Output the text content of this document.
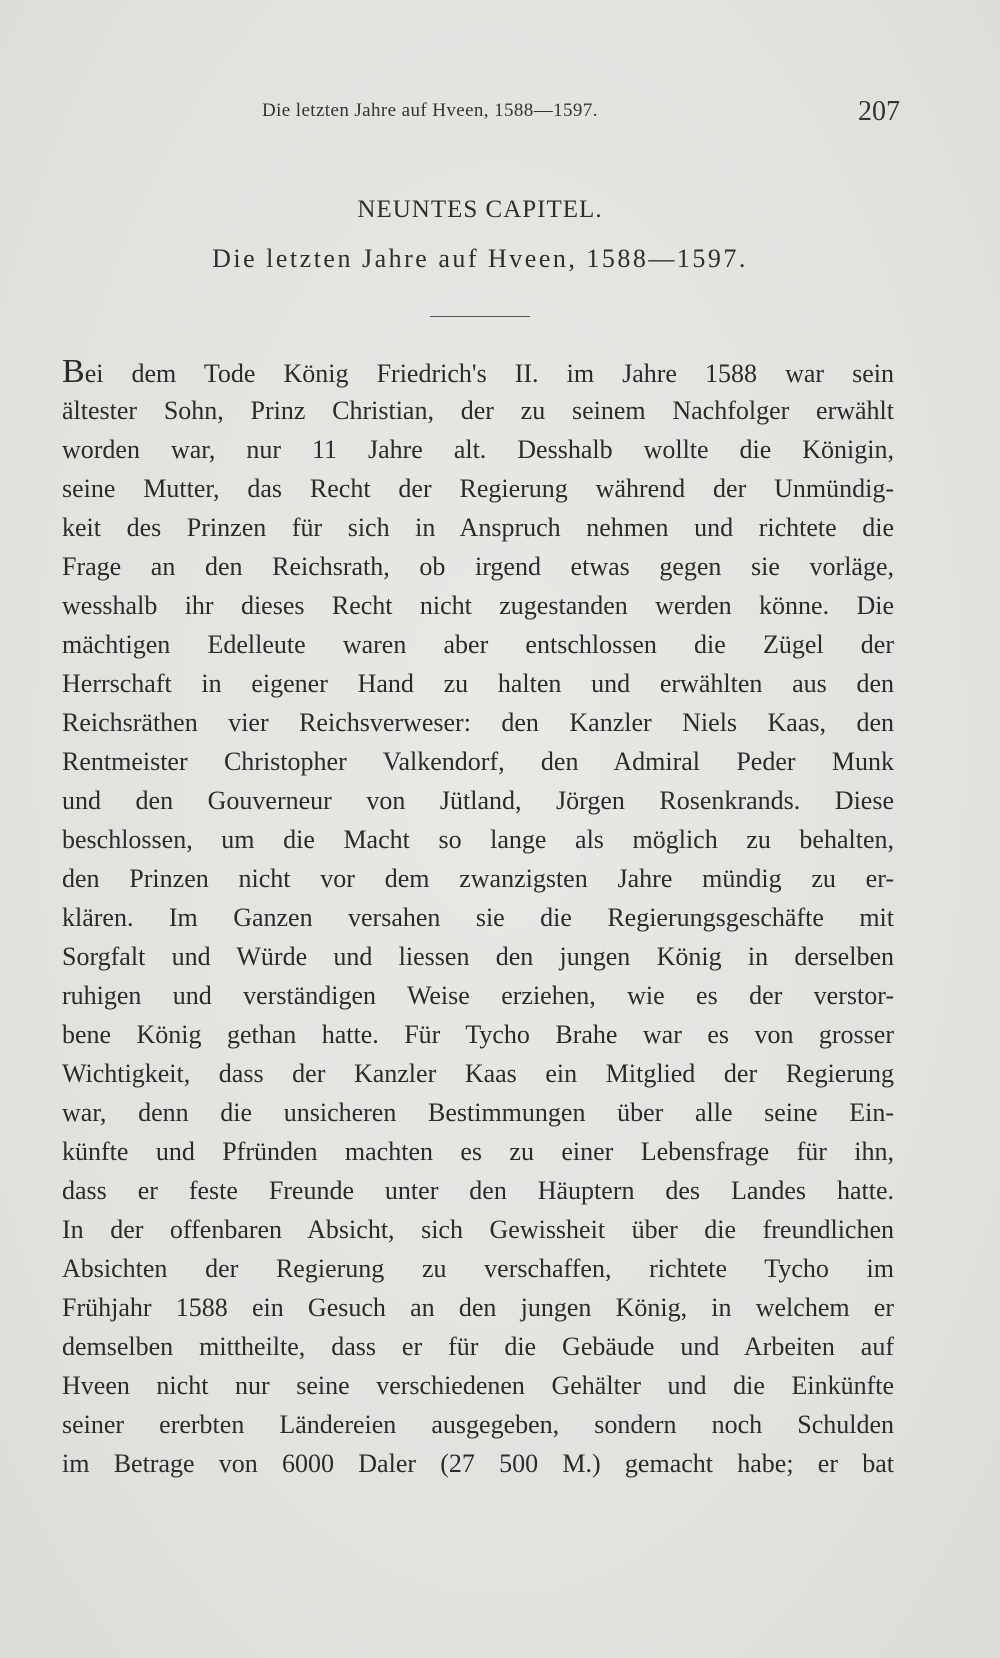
Die letzten Jahre auf Hveen, 1588—1597.	207
NEUNTES CAPITEL.
Die letzten Jahre auf Hveen, 1588—1597.
Bei dem Tode König Friedrich's II. im Jahre 1588 war sein
ältester Sohn, Prinz Christian, der zu seinem Nachfolger erwählt
worden war, nur 11 Jahre alt. Desshalb wollte die Königin,
seine Mutter, das Recht der Regierung während der Unmündig-
keit des Prinzen für sich in Anspruch nehmen und richtete die
Frage an den Reichsrath, ob irgend etwas gegen sie vorläge,
wesshalb ihr dieses Recht nicht zugestanden werden könne. Die
mächtigen Edelleute waren aber entschlossen die Zügel der
Herrschaft in eigener Hand zu halten und erwählten aus den
Reichsräthen vier Reichsverweser: den Kanzler Niels Kaas, den
Rentmeister Christopher Valkendorf, den Admiral Peder Munk
und den Gouverneur von Jütland, Jörgen Rosenkrands. Diese
beschlossen, um die Macht so lange als möglich zu behalten,
den Prinzen nicht vor dem zwanzigsten Jahre mündig zu er-
klären. Im Ganzen versahen sie die Regierungsgeschäfte mit
Sorgfalt und Würde und liessen den jungen König in derselben
ruhigen und verständigen Weise erziehen, wie es der verstor-
bene König gethan hatte. Für Tycho Brahe war es von grosser
Wichtigkeit, dass der Kanzler Kaas ein Mitglied der Regierung
war, denn die unsicheren Bestimmungen über alle seine Ein-
künfte und Pfründen machten es zu einer Lebensfrage für ihn,
dass er feste Freunde unter den Häuptern des Landes hatte.
In der offenbaren Absicht, sich Gewissheit über die freundlichen
Absichten der Regierung zu verschaffen, richtete Tycho im
Frühjahr 1588 ein Gesuch an den jungen König, in welchem er
demselben mittheilte, dass er für die Gebäude und Arbeiten auf
Hveen nicht nur seine verschiedenen Gehälter und die Einkünfte
seiner ererbten Ländereien ausgegeben, sondern noch Schulden
im Betrage von 6000 Daler (27 500 M.) gemacht habe; er bat
